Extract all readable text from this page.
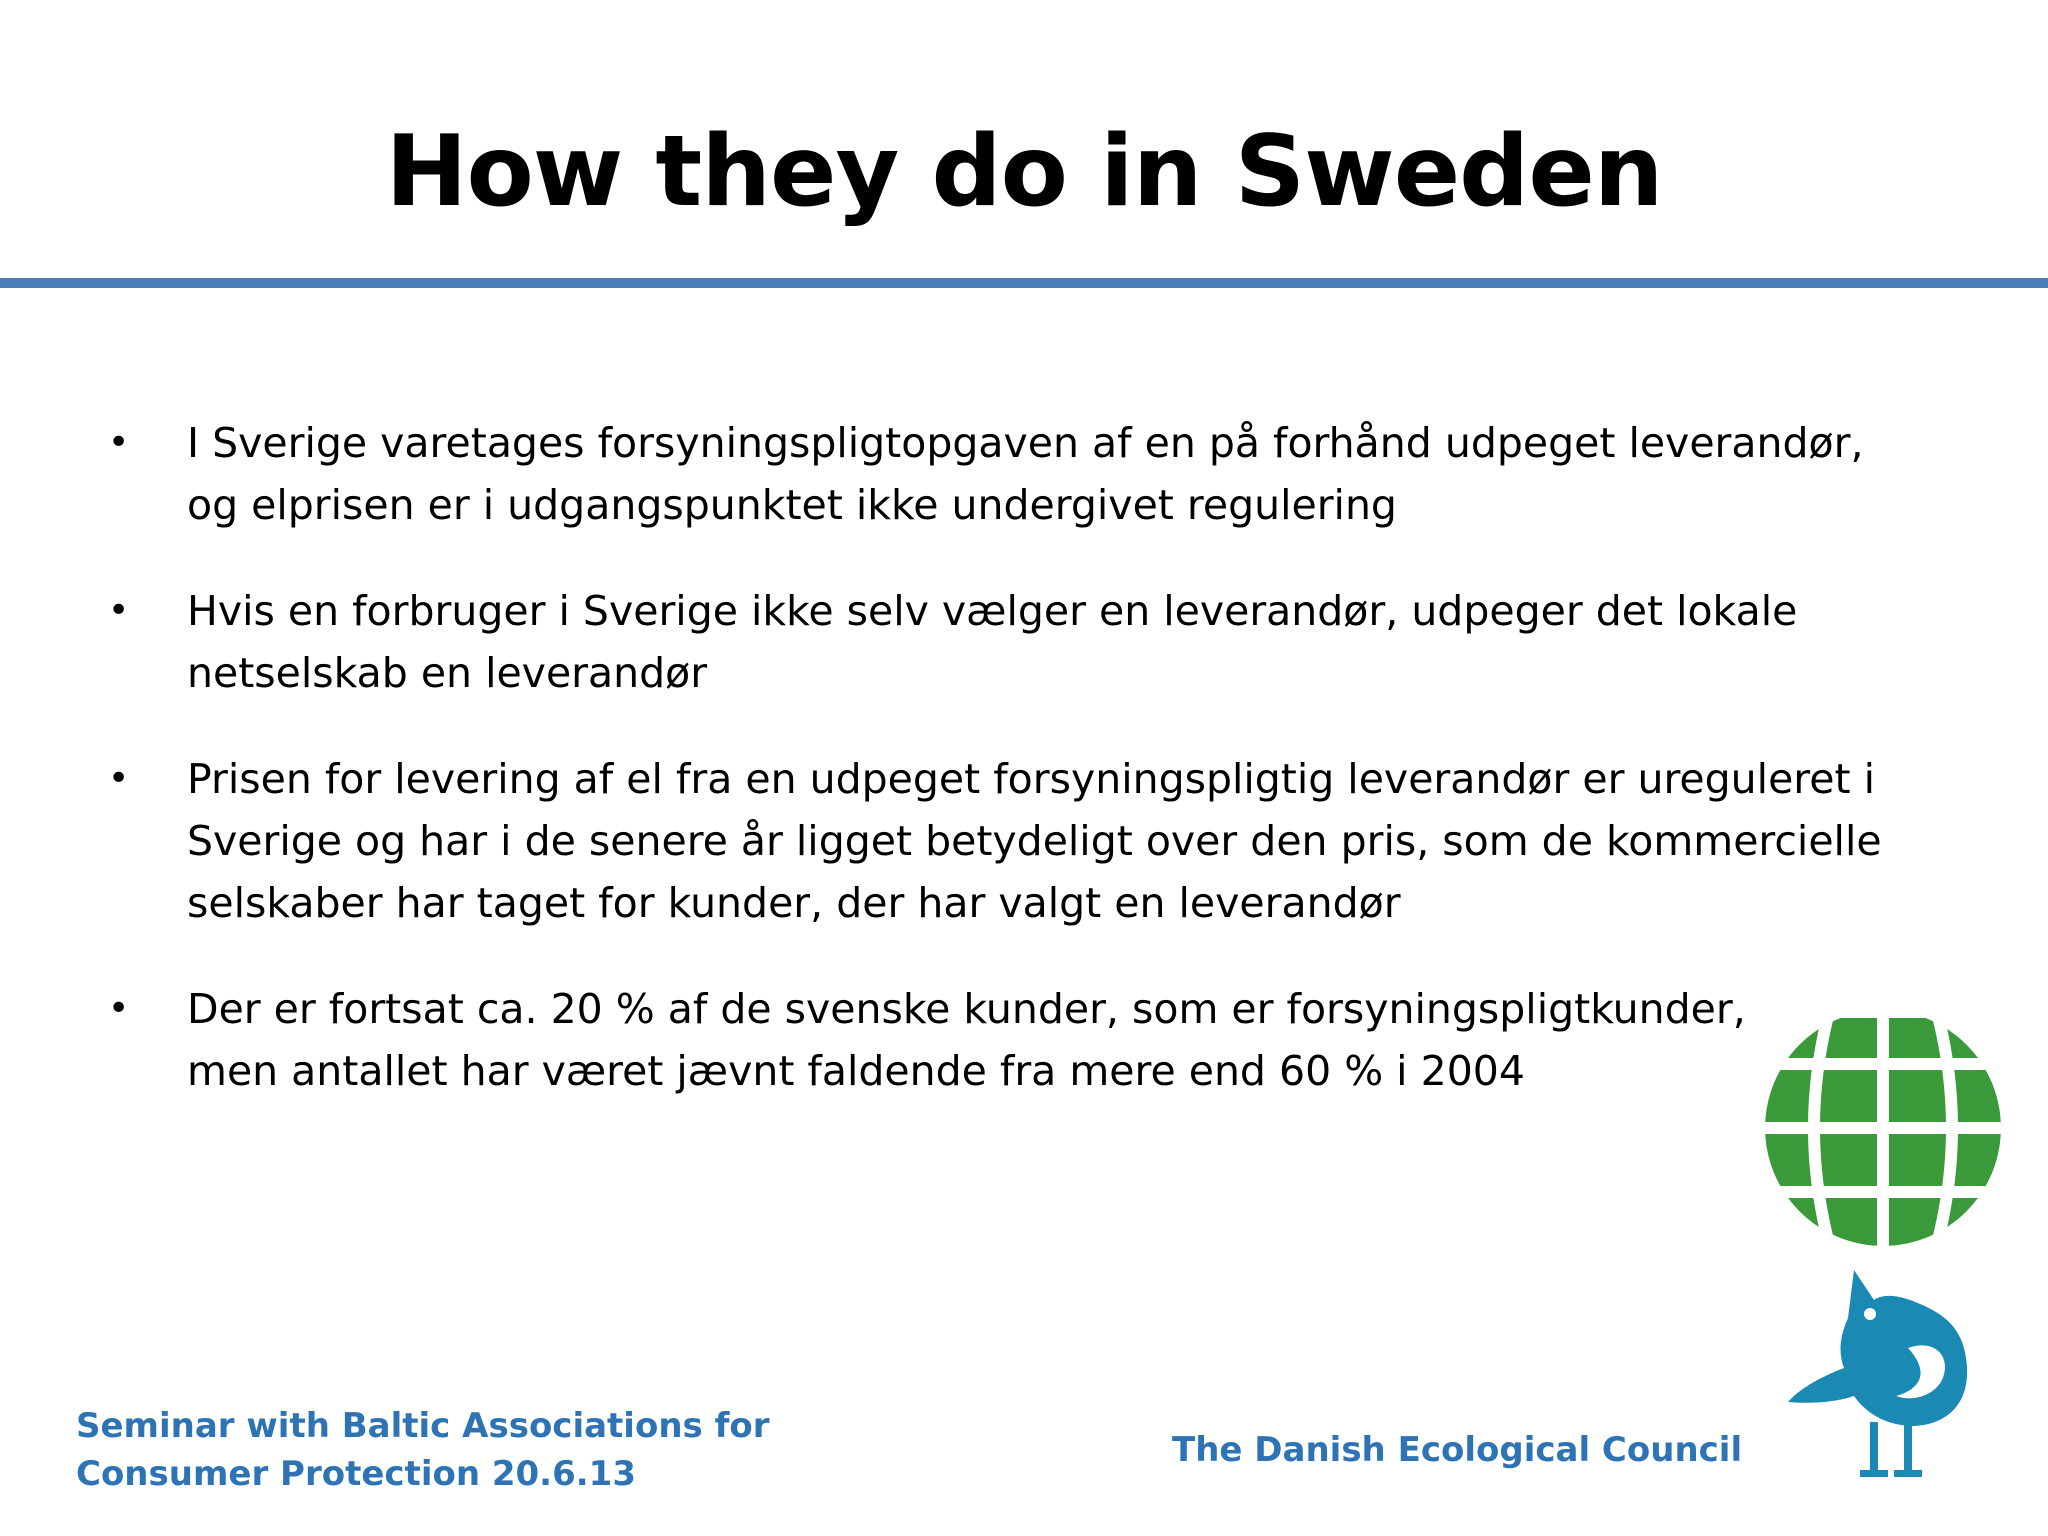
How they do in Sweden
• I Sverige varetages forsyningspligtopgaven af en på forhånd udpeget leverandør,
og elprisen er i udgangspunktet ikke undergivet regulering
• Hvis en forbruger i Sverige ikke selv vælger en leverandør, udpeger det lokale
netselskab en leverandør
• Prisen for levering af el fra en udpeget forsyningspligtig leverandør er ureguleret i
Sverige og har i de senere år ligget betydeligt over den pris, som de kommercielle
selskaber har taget for kunder, der har valgt en leverandør
• Der er fortsat ca. 20 % af de svenske kunder, som er forsyningspligtkunder,
men antallet har været jævnt faldende fra mere end 60 % i 2004
Seminar with Baltic Associations for
Consumer Protection 20.6.13
The Danish Ecological Council
